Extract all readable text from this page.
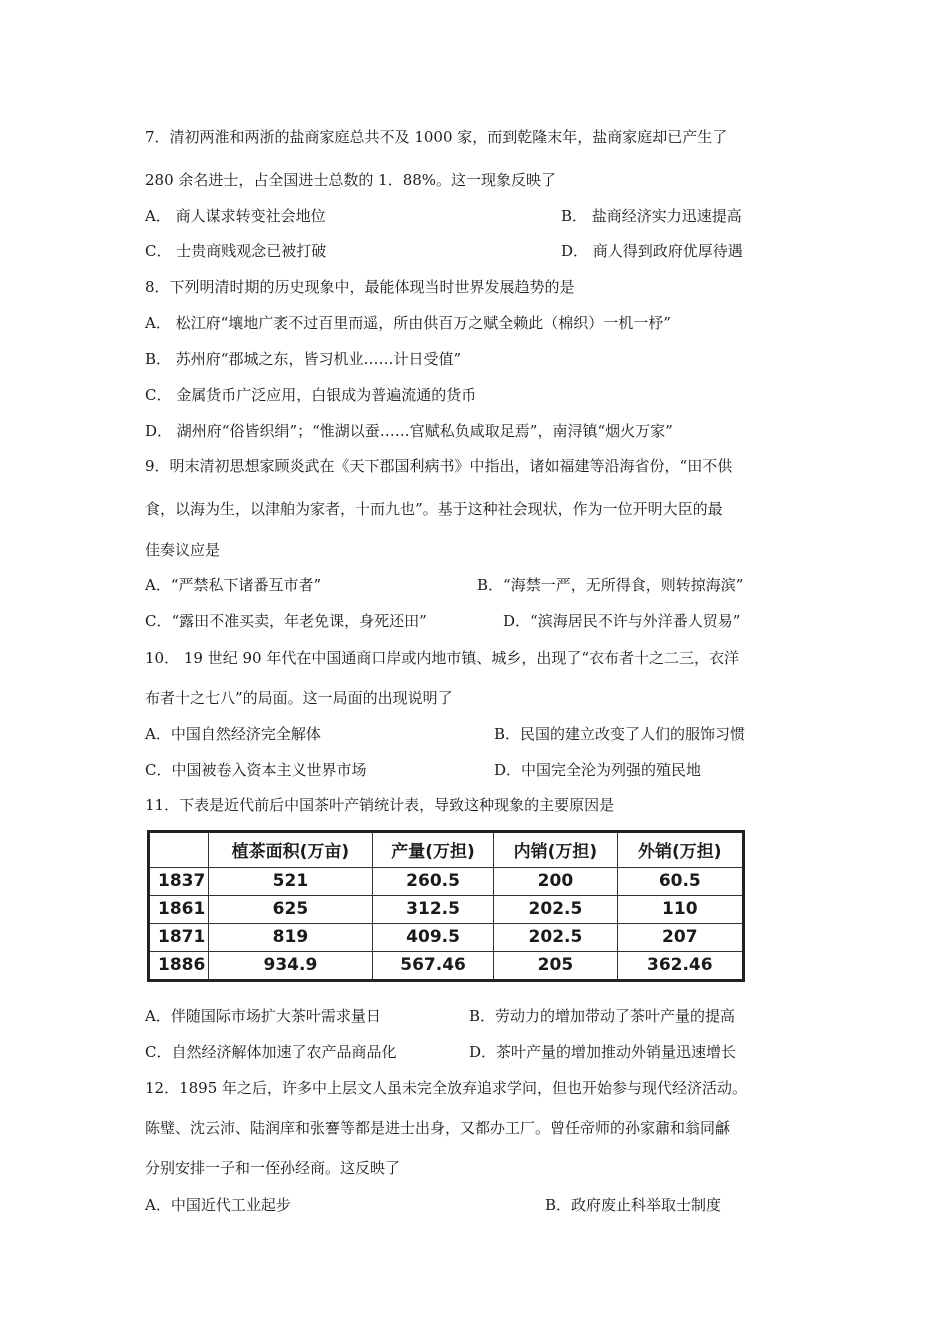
7．清初两淮和两浙的盐商家庭总共不及 1000 家，而到乾隆末年，盐商家庭却已产生了
280 余名进士，占全国进士总数的 1．88%。这一现象反映了
A． 商人谋求转变社会地位	B． 盐商经济实力迅速提高
C． 士贵商贱观念已被打破	D． 商人得到政府优厚待遇
8．下列明清时期的历史现象中，最能体现当时世界发展趋势的是
A． 松江府“壤地广袤不过百里而遥，所由供百万之赋全赖此（棉织）一机一杼”
B． 苏州府“郡城之东，皆习机业……计日受值”
C． 金属货币广泛应用，白银成为普遍流通的货币
D． 湖州府“俗皆织绢”；“惟湖以蚕……官赋私负咸取足焉”，南浔镇“烟火万家”
9．明末清初思想家顾炎武在《天下郡国利病书》中指出，诸如福建等沿海省份，“田不供
食，以海为生，以津舶为家者，十而九也”。基于这种社会现状，作为一位开明大臣的最
佳奏议应是
A．“严禁私下诸番互市者”	B．“海禁一严，无所得食，则转掠海滨”
C．“露田不准买卖，年老免课，身死还田”	D．“滨海居民不许与外洋番人贸易”
10． 19 世纪 90 年代在中国通商口岸或内地市镇、城乡，出现了“衣布者十之二三，衣洋
布者十之七八”的局面。这一局面的出现说明了
A．中国自然经济完全解体	B．民国的建立改变了人们的服饰习惯
C．中国被卷入资本主义世界市场	D．中国完全沦为列强的殖民地
11．下表是近代前后中国茶叶产销统计表，导致这种现象的主要原因是
	植茶面积(万亩)	产量(万担)	内销(万担)	外销(万担)
1837	521	260.5	200	60.5
1861	625	312.5	202.5	110
1871	819	409.5	202.5	207
1886	934.9	567.46	205	362.46
A．伴随国际市场扩大茶叶需求量日	B．劳动力的增加带动了茶叶产量的提高
C．自然经济解体加速了农产品商品化	D．茶叶产量的增加推动外销量迅速增长
12．1895 年之后，许多中上层文人虽未完全放弃追求学问，但也开始参与现代经济活动。
陈璧、沈云沛、陆润庠和张謇等都是进士出身，又都办工厂。曾任帝师的孙家鼐和翁同龢
分别安排一子和一侄孙经商。这反映了
A．中国近代工业起步	B．政府废止科举取士制度
